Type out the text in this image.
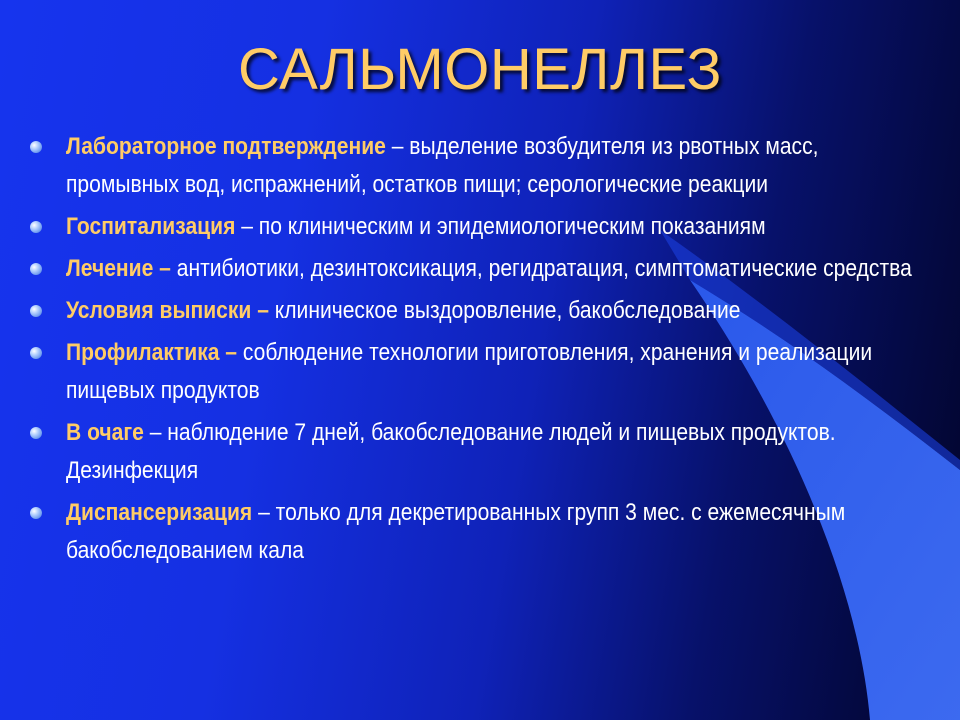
САЛЬМОНЕЛЛЕЗ
Лабораторное подтверждение – выделение возбудителя из рвотных масс, промывных вод, испражнений, остатков пищи; серологические реакции
Госпитализация – по клиническим и эпидемиологическим показаниям
Лечение – антибиотики, дезинтоксикация, регидратация, симптоматические средства
Условия выписки – клиническое выздоровление, бакобследование
Профилактика – соблюдение технологии приготовления, хранения и реализации пищевых продуктов
В очаге – наблюдение 7 дней, бакобследование людей и пищевых продуктов. Дезинфекция
Диспансеризация – только для декретированных групп 3 мес. с ежемесячным бакобследованием кала
